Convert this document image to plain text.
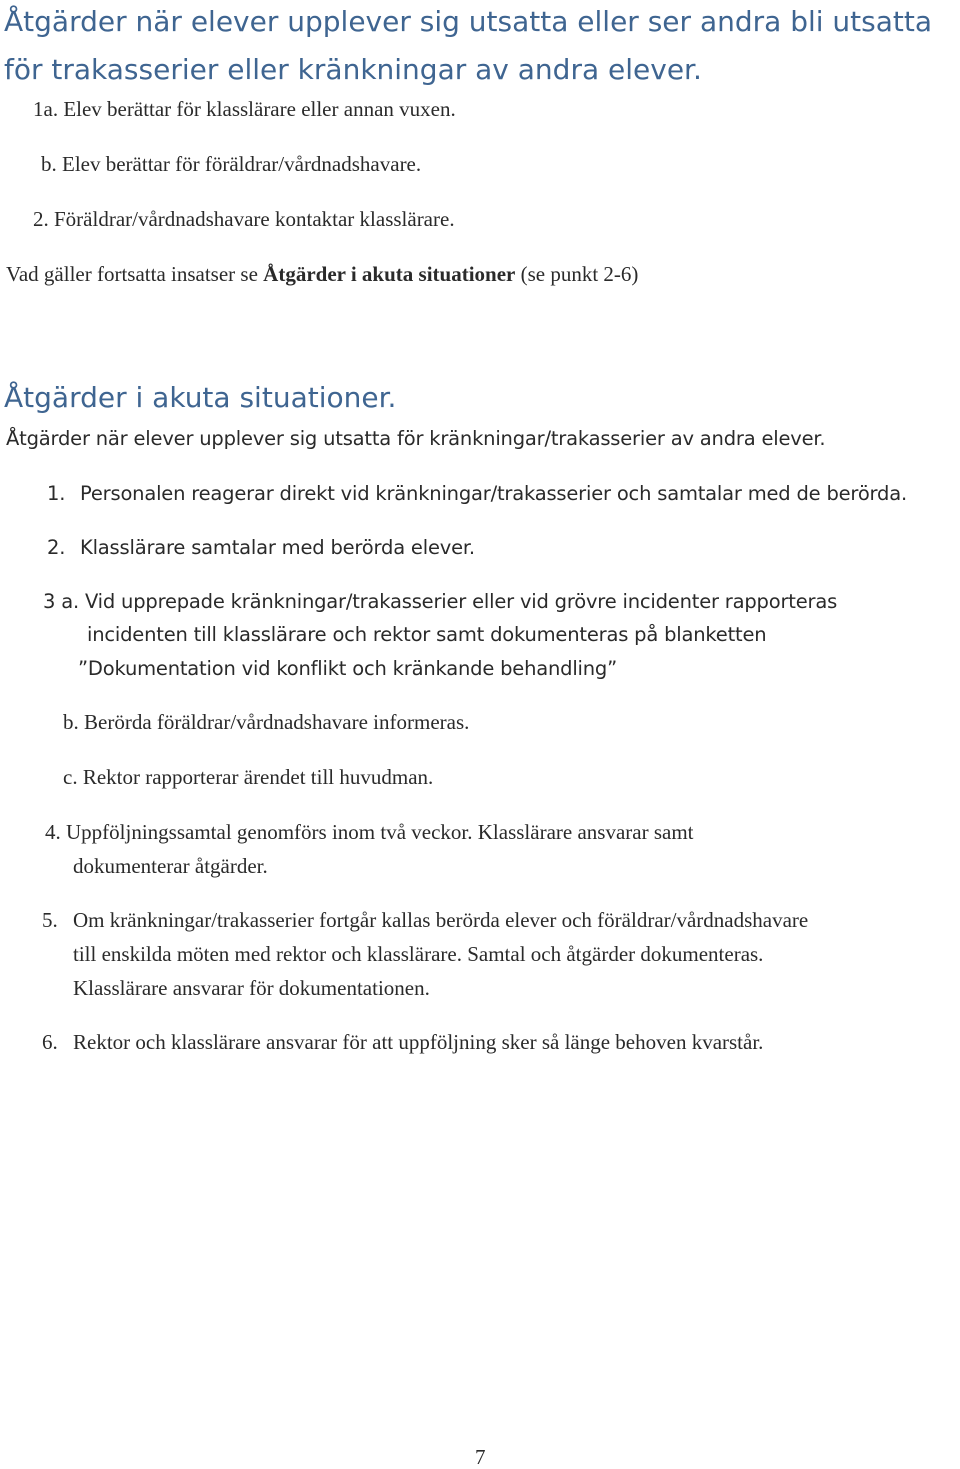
Åtgärder när elever upplever sig utsatta eller ser andra bli utsatta
för trakasserier eller kränkningar av andra elever.
1a. Elev berättar för klasslärare eller annan vuxen.
b. Elev berättar för föräldrar/vårdnadshavare.
2. Föräldrar/vårdnadshavare kontaktar klasslärare.
Vad gäller fortsatta insatser se Åtgärder i akuta situationer (se punkt 2-6)
Åtgärder i akuta situationer.
Åtgärder när elever upplever sig utsatta för kränkningar/trakasserier av andra elever.
1. Personalen reagerar direkt vid kränkningar/trakasserier och samtalar med de berörda.
2. Klasslärare samtalar med berörda elever.
3 a. Vid upprepade kränkningar/trakasserier eller vid grövre incidenter rapporteras
incidenten till klasslärare och rektor samt dokumenteras på blanketten
”Dokumentation vid konflikt och kränkande behandling”
b. Berörda föräldrar/vårdnadshavare informeras.
c. Rektor rapporterar ärendet till huvudman.
4. Uppföljningssamtal genomförs inom två veckor. Klasslärare ansvarar samt
dokumenterar åtgärder.
5. Om kränkningar/trakasserier fortgår kallas berörda elever och föräldrar/vårdnadshavare
till enskilda möten med rektor och klasslärare. Samtal och åtgärder dokumenteras.
Klasslärare ansvarar för dokumentationen.
6. Rektor och klasslärare ansvarar för att uppföljning sker så länge behoven kvarstår.
7
